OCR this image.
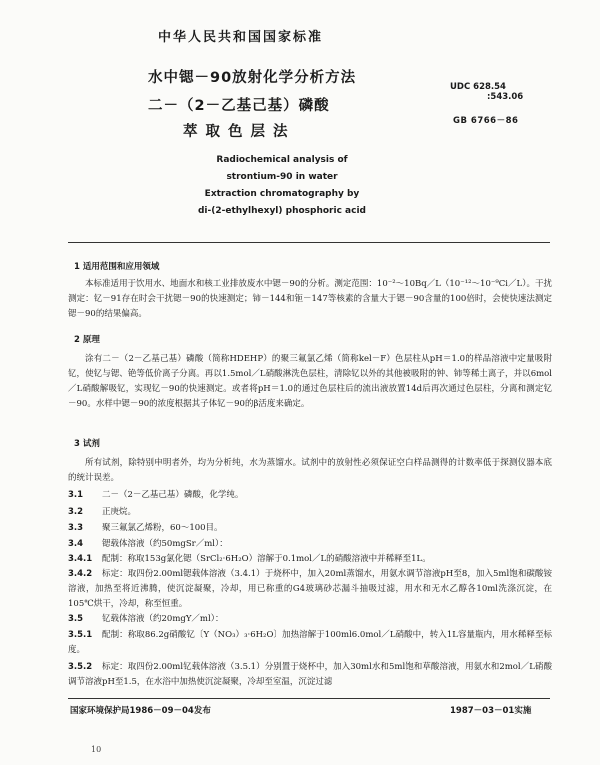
中华人民共和国国家标准
水中锶－90放射化学分析方法
二－（2－乙基己基）磷酸
萃取色层法
UDC 628.54
:543.06
GB 6766－86
Radiochemical analysis of
strontium-90 in water
Extraction chromatography by
di-(2-ethylhexyl) phosphoric acid
1 适用范围和应用领域
本标准适用于饮用水、地面水和核工业排放废水中锶－90的分析。测定范围：10⁻²～10Bq／L（10⁻¹²～10⁻⁹Ci／L）。干扰测定：钇－91存在时会干扰锶－90的快速测定；铈－144和钷－147等核素的含量大于锶－90含量的100倍时，会使快速法测定锶－90的结果偏高。
2 原理
涂有二－（2－乙基己基）磷酸（简称HDEHP）的聚三氟氯乙烯（简称kel－F）色层柱从pH＝1.0的样品溶液中定量吸附钇，使钇与锶、铯等低价离子分离。再以1.5mol／L硝酸淋洗色层柱，清除钇以外的其他被吸附的钟、铈等稀土离子，并以6mol／L硝酸解吸钇，实现钇－90的快速测定。或者将pH＝1.0的通过色层柱后的流出液放置14d后再次通过色层柱，分离和测定钇－90。水样中锶－90的浓度根据其子体钇－90的β活度来确定。
3 试剂
所有试剂，除特别申明者外，均为分析纯，水为蒸馏水。试剂中的放射性必须保证空白样品测得的计数率低于探测仪器本底的统计误差。
3.1 二－（2－乙基己基）磷酸，化学纯。
3.2 正庚烷。
3.3 聚三氟氯乙烯粉，60～100目。
3.4 锶载体溶液（约50mgSr／ml）：
3.4.1 配制：称取153g氯化锶（SrCl₂·6H₂O）溶解于0.1mol／L的硝酸溶液中并稀释至1L。
3.4.2 标定：取四份2.00ml锶载体溶液（3.4.1）于烧杯中，加入20ml蒸馏水，用氨水调节溶液pH至8，加入5ml饱和碳酸铵溶液，加热至将近沸腾，使沉淀凝聚，冷却，用已称重的G4玻璃砂芯漏斗抽吸过滤，用水和无水乙醇各10ml洗涤沉淀，在105℃烘干，冷却，称至恒重。
3.5 钇载体溶液（约20mgY／ml）：
3.5.1 配制：称取86.2g硝酸钇〔Y（NO₃）₃·6H₂O〕加热溶解于100ml6.0mol／L硝酸中，转入1L容量瓶内，用水稀释至标度。
3.5.2 标定：取四份2.00ml钇载体溶液（3.5.1）分别置于烧杯中，加入30ml水和5ml饱和草酸溶液，用氨水和2mol／L硝酸调节溶液pH至1.5，在水浴中加热使沉淀凝聚，冷却至室温，沉淀过滤
国家环境保护局1986－09－04发布	1987－03－01实施
10
